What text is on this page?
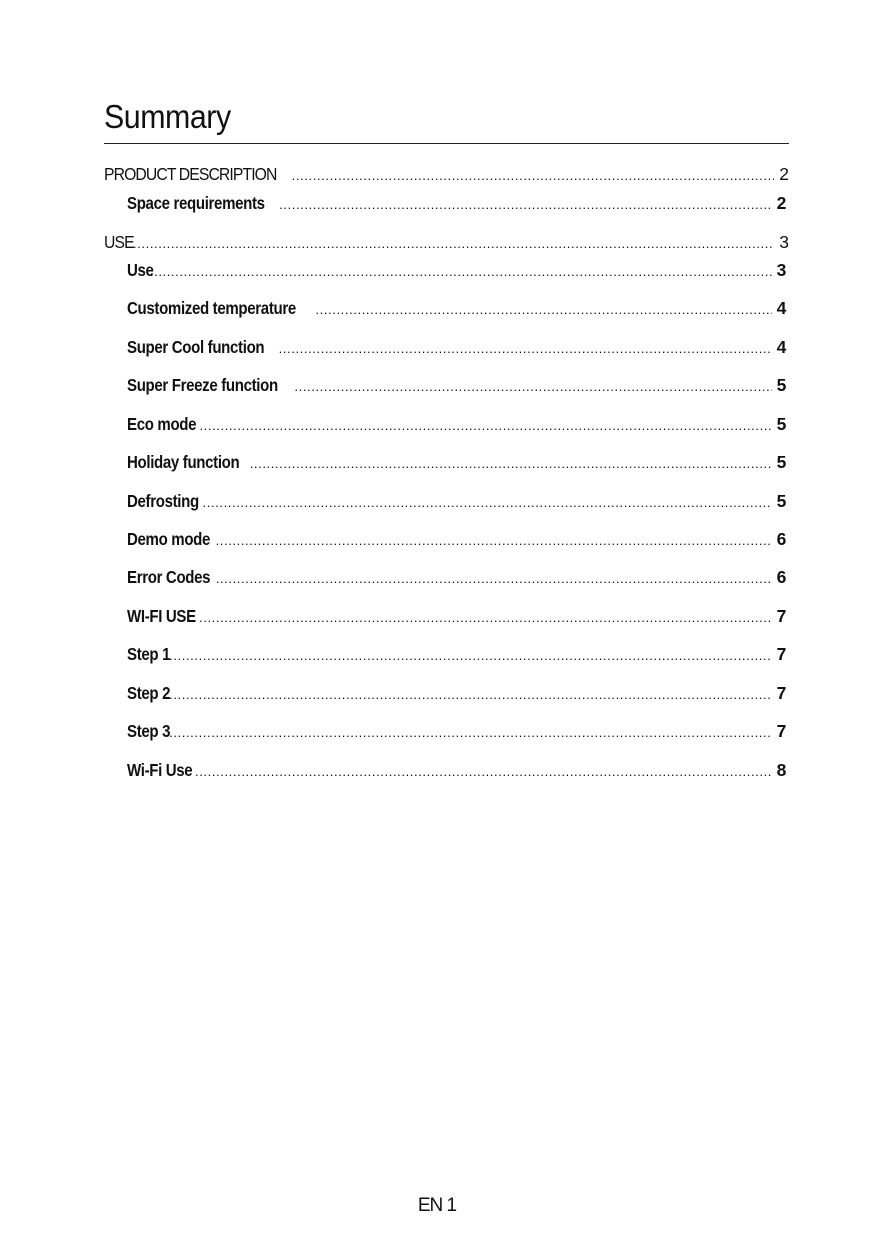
Summary
PRODUCT DESCRIPTION .....	2
Space requirements .....	2
USE .....	3
Use .....	3
Customized temperature .....	4
Super Cool function .....	4
Super Freeze function .....	5
Eco mode .....	5
Holiday function .....	5
Defrosting .....	5
Demo mode .....	6
Error Codes .....	6
WI-FI USE .....	7
Step 1 .....	7
Step 2 .....	7
Step 3 .....	7
Wi-Fi Use .....	8
EN 1
